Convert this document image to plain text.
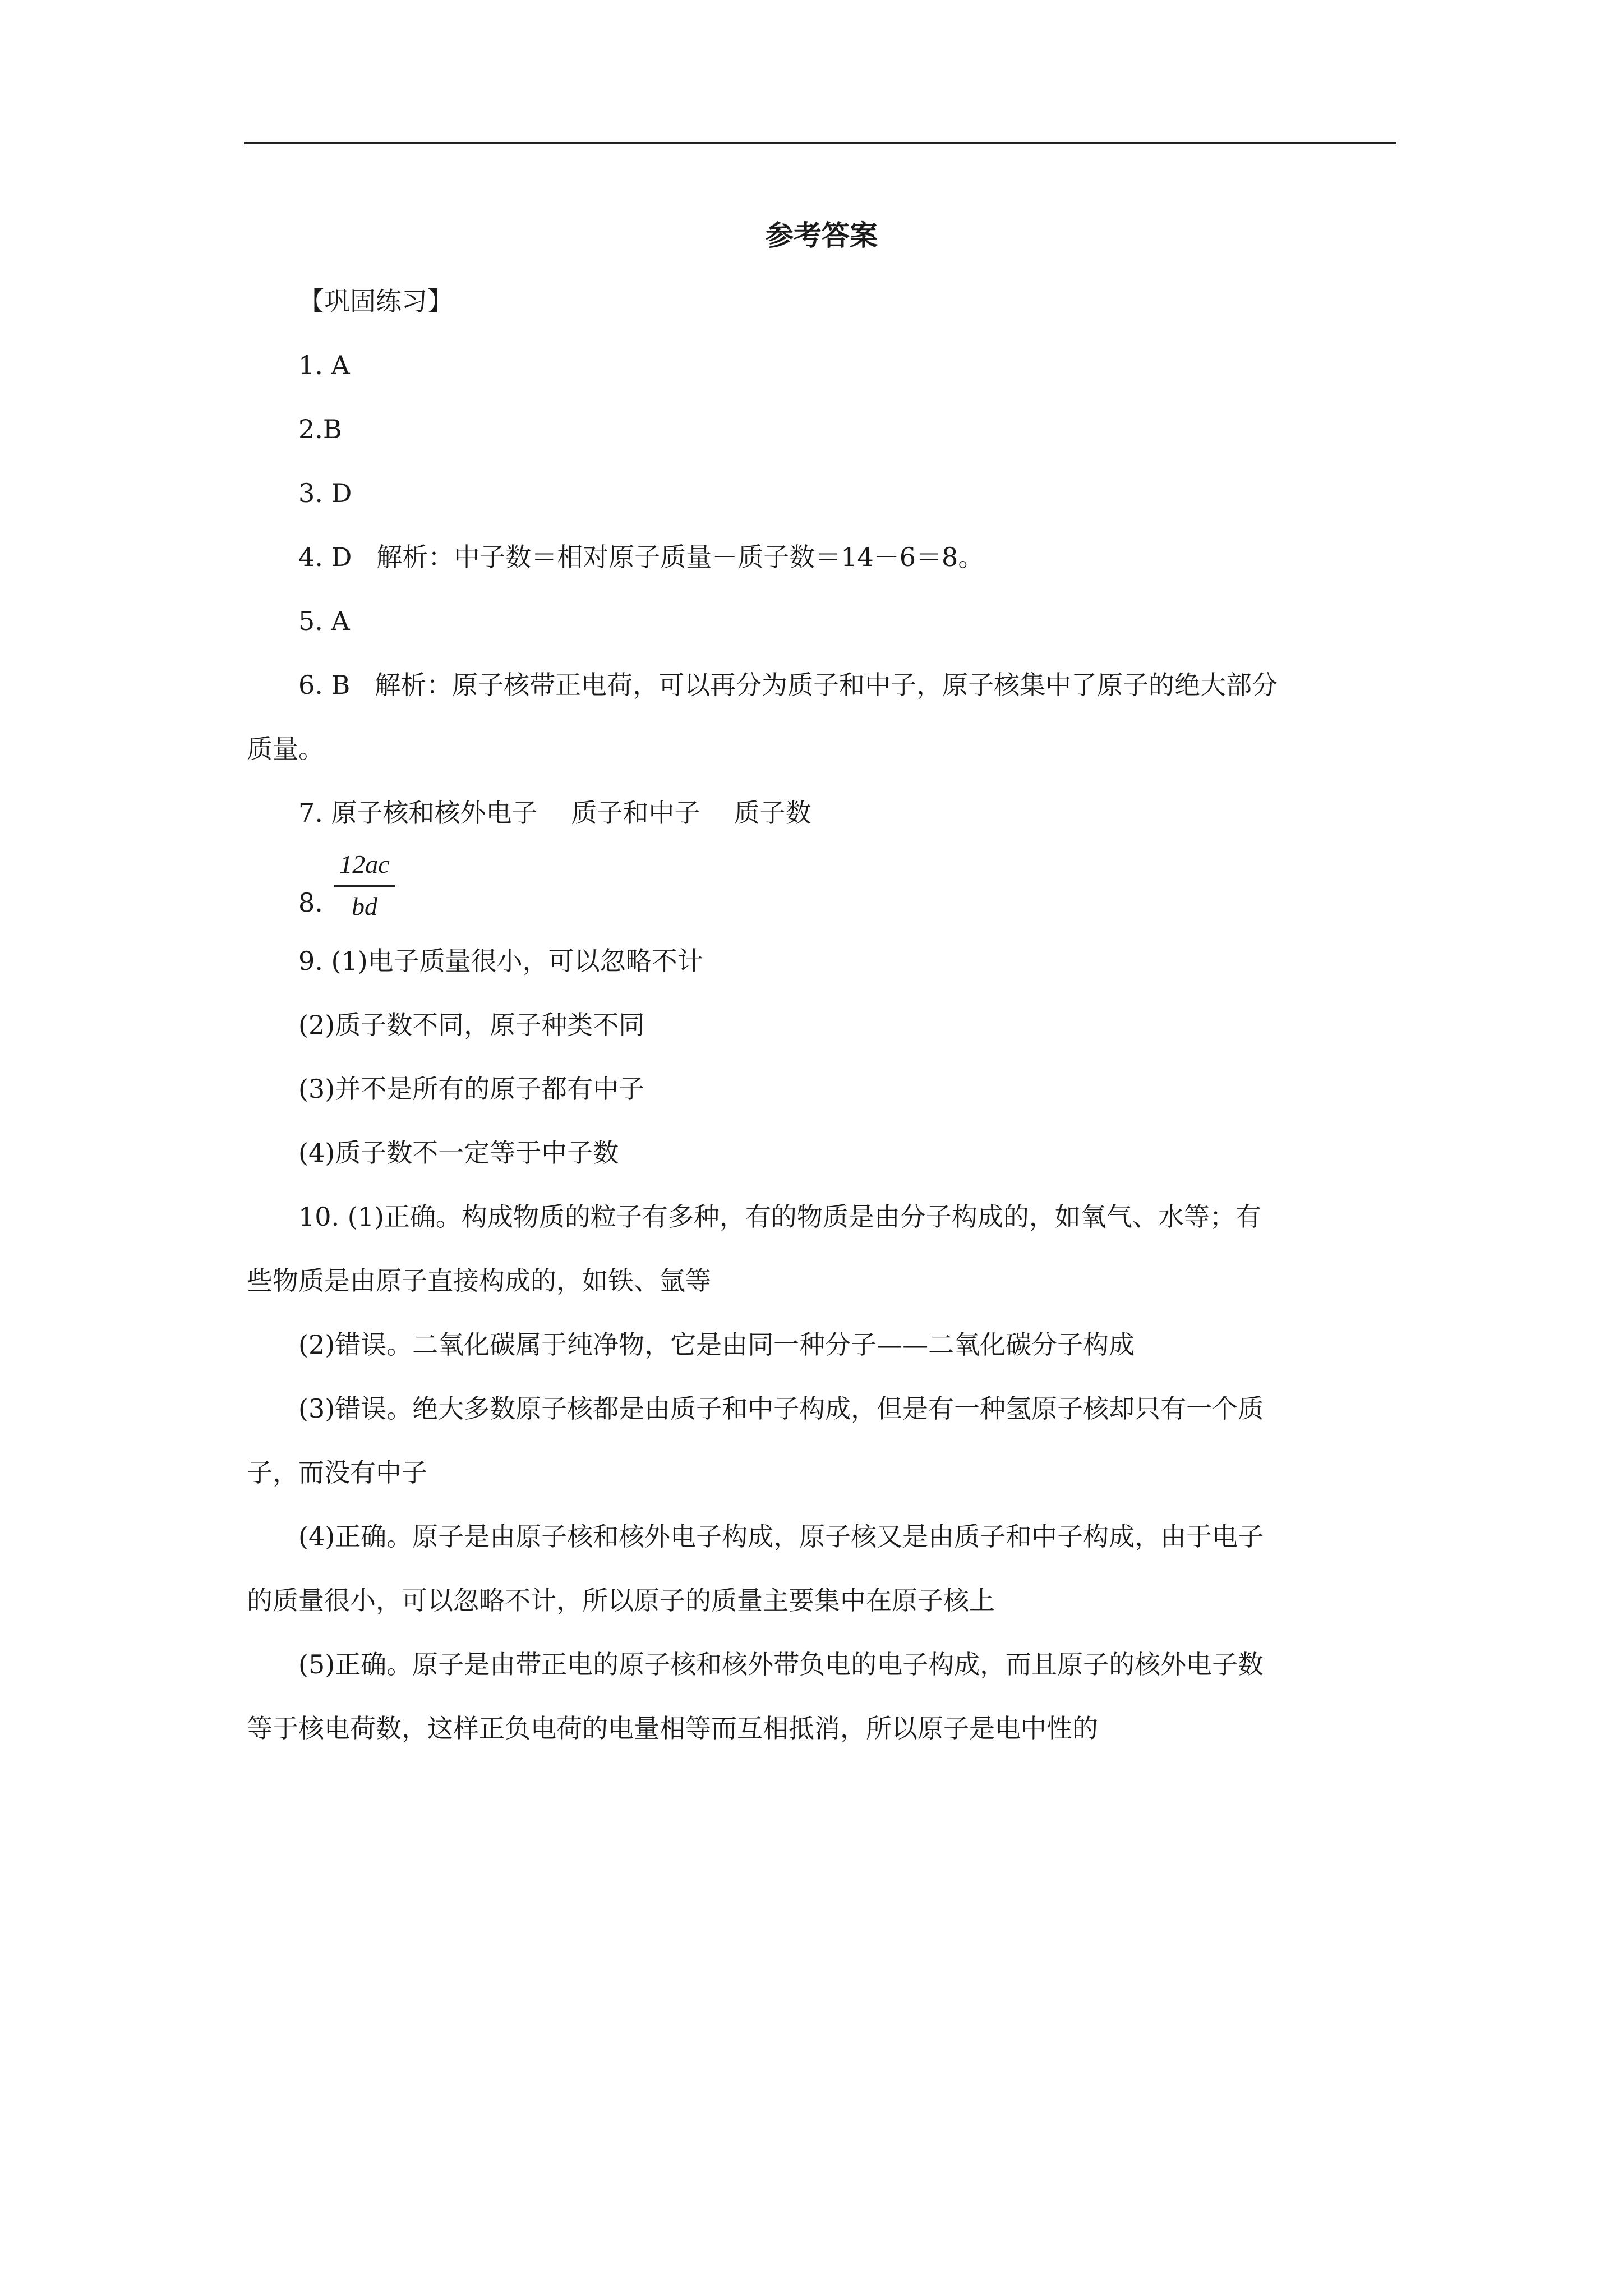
参考答案
【巩固练习】
1. A
2.B
3. D
4. D   解析：中子数＝相对原子质量－质子数＝14－6＝8。
5. A
6. B   解析：原子核带正电荷，可以再分为质子和中子，原子核集中了原子的绝大部分
质量。
7. 原子核和核外电子 质子和中子 质子数
8.
12ac
bd
9. (1)电子质量很小，可以忽略不计
(2)质子数不同，原子种类不同
(3)并不是所有的原子都有中子
(4)质子数不一定等于中子数
10. (1)正确。构成物质的粒子有多种，有的物质是由分子构成的，如氧气、水等；有
些物质是由原子直接构成的，如铁、氩等
(2)错误。二氧化碳属于纯净物，它是由同一种分子——二氧化碳分子构成
(3)错误。绝大多数原子核都是由质子和中子构成，但是有一种氢原子核却只有一个质
子，而没有中子
(4)正确。原子是由原子核和核外电子构成，原子核又是由质子和中子构成，由于电子
的质量很小，可以忽略不计，所以原子的质量主要集中在原子核上
(5)正确。原子是由带正电的原子核和核外带负电的电子构成，而且原子的核外电子数
等于核电荷数，这样正负电荷的电量相等而互相抵消，所以原子是电中性的
